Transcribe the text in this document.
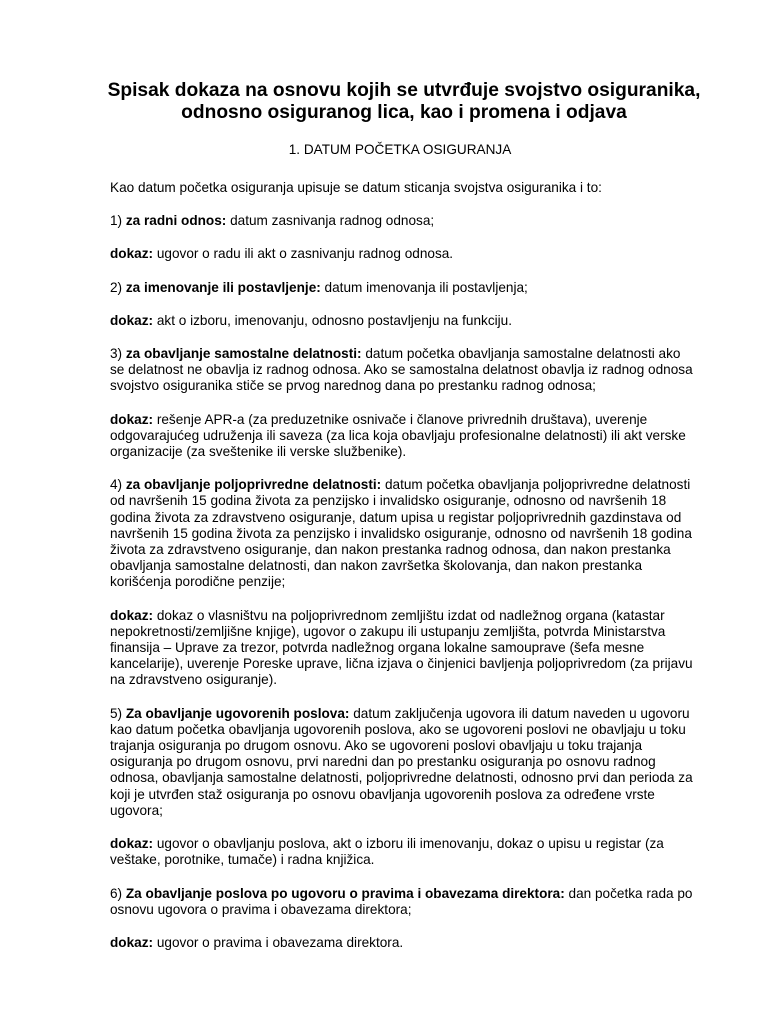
Spisak dokaza na osnovu kojih se utvrđuje svojstvo osiguranika,
odnosno osiguranog lica, kao i promena i odjava
1. DATUM POČETKA OSIGURANJA

Kao datum početka osiguranja upisuje se datum sticanja svojstva osiguranika i to:

1) za radni odnos: datum zasnivanja radnog odnosa;

dokaz: ugovor o radu ili akt o zasnivanju radnog odnosa.

2) za imenovanje ili postavljenje: datum imenovanja ili postavljenja;

dokaz: akt o izboru, imenovanju, odnosno postavljenju na funkciju.

3) za obavljanje samostalne delatnosti: datum početka obavljanja samostalne delatnosti ako se delatnost ne obavlja iz radnog odnosa. Ako se samostalna delatnost obavlja iz radnog odnosa svojstvo osiguranika stiče se prvog narednog dana po prestanku radnog odnosa;

dokaz: rešenje APR-a (za preduzetnike osnivače i članove privrednih društava), uverenje odgovarajućeg udruženja ili saveza (za lica koja obavljaju profesionalne delatnosti) ili akt verske organizacije (za sveštenike ili verske službenike).

4) za obavljanje poljoprivredne delatnosti: datum početka obavljanja poljoprivredne delatnosti od navršenih 15 godina života za penzijsko i invalidsko osiguranje, odnosno od navršenih 18 godina života za zdravstveno osiguranje, datum upisa u registar poljoprivrednih gazdinstava od navršenih 15 godina života za penzijsko i invalidsko osiguranje, odnosno od navršenih 18 godina života za zdravstveno osiguranje, dan nakon prestanka radnog odnosa, dan nakon prestanka obavljanja samostalne delatnosti, dan nakon završetka školovanja, dan nakon prestanka korišćenja porodične penzije;

dokaz: dokaz o vlasništvu na poljoprivrednom zemljištu izdat od nadležnog organa (katastar nepokretnosti/zemljišne knjige), ugovor o zakupu ili ustupanju zemljišta, potvrda Ministarstva finansija – Uprave za trezor, potvrda nadležnog organa lokalne samouprave (šefa mesne kancelarije), uverenje Poreske uprave, lična izjava o činjenici bavljenja poljoprivredom (za prijavu na zdravstveno osiguranje).

5) Za obavljanje ugovorenih poslova: datum zaključenja ugovora ili datum naveden u ugovoru kao datum početka obavljanja ugovorenih poslova, ako se ugovoreni poslovi ne obavljaju u toku trajanja osiguranja po drugom osnovu. Ako se ugovoreni poslovi obavljaju u toku trajanja osiguranja po drugom osnovu, prvi naredni dan po prestanku osiguranja po osnovu radnog odnosa, obavljanja samostalne delatnosti, poljoprivredne delatnosti, odnosno prvi dan perioda za koji je utvrđen staž osiguranja po osnovu obavljanja ugovorenih poslova za određene vrste ugovora;

dokaz: ugovor o obavljanju poslova, akt o izboru ili imenovanju, dokaz o upisu u registar (za veštake, porotnike, tumače) i radna knjižica.

6) Za obavljanje poslova po ugovoru o pravima i obavezama direktora: dan početka rada po osnovu ugovora o pravima i obavezama direktora;

dokaz: ugovor o pravima i obavezama direktora.
